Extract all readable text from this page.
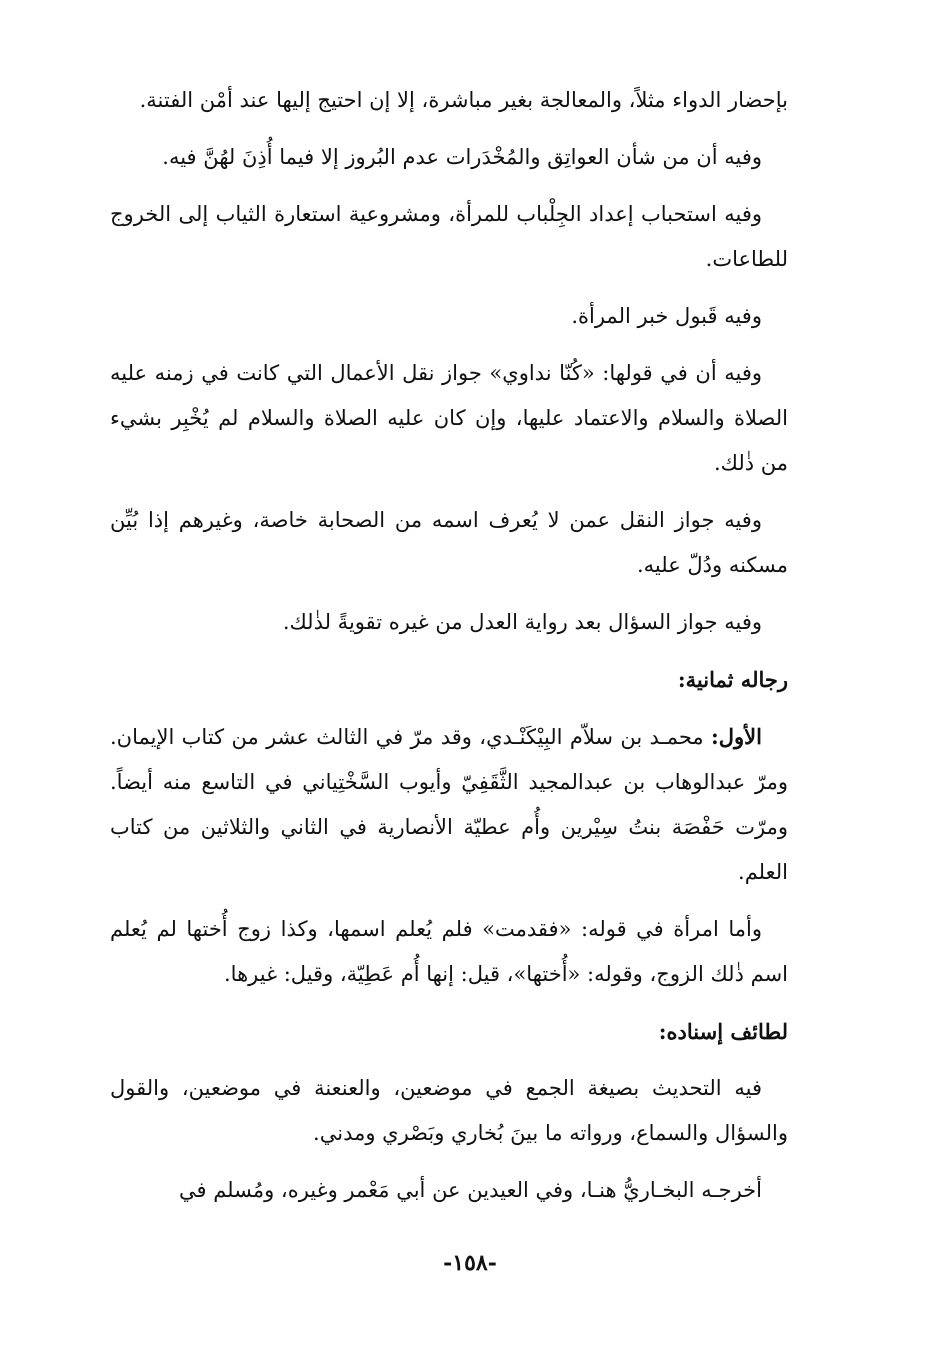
بإحضار الدواء مثلاً، والمعالجة بغير مباشرة، إلا إن احتيج إليها عند أمْن الفتنة.

وفيه أن من شأن العواتِق والمُخْدَرات عدم البُروز إلا فيما أُذِنَ لهُنَّ فيه.

وفيه استحباب إعداد الجِلْباب للمرأة، ومشروعية استعارة الثياب إلى الخروج للطاعات.

وفيه قَبول خبر المرأة.

وفيه أن في قولها: «كُنّا نداوي» جواز نقل الأعمال التي كانت في زمنه عليه الصلاة والسلام والاعتماد عليها، وإن كان عليه الصلاة والسلام لم يُخْبِر بشيء من ذٰلك.

وفيه جواز النقل عمن لا يُعرف اسمه من الصحابة خاصة، وغيرهم إذا بُيِّن مسكنه ودُلّ عليه.

وفيه جواز السؤال بعد رواية العدل من غيره تقويةً لذٰلك.

رجاله ثمانية:

الأول: محمـد بن سلاّم البِيْكَنْـدي، وقد مرّ في الثالث عشر من كتاب الإيمان. ومرّ عبدالوهاب بن عبدالمجيد الثَّقَفِيّ وأيوب السَّخْتِياني في التاسع منه أيضاً. ومرّت حَفْصَة بنتُ سِيْرين وأُم عطيّة الأنصارية في الثاني والثلاثين من كتاب العلم.

وأما امرأة في قوله: «فقدمت» فلم يُعلم اسمها، وكذا زوج أُختها لم يُعلم اسم ذٰلك الزوج، وقوله: «أُختها»، قيل: إنها أُم عَطِيّة، وقيل: غيرها.

لطائف إسناده:

فيه التحديث بصيغة الجمع في موضعين، والعنعنة في موضعين، والقول والسؤال والسماع، ورواته ما بينَ بُخاري وبَصْري ومدني.

أخرجـه البخـاريُّ هنـا، وفي العيدين عن أبي مَعْمر وغيره، ومُسلم في

-١٥٨-
